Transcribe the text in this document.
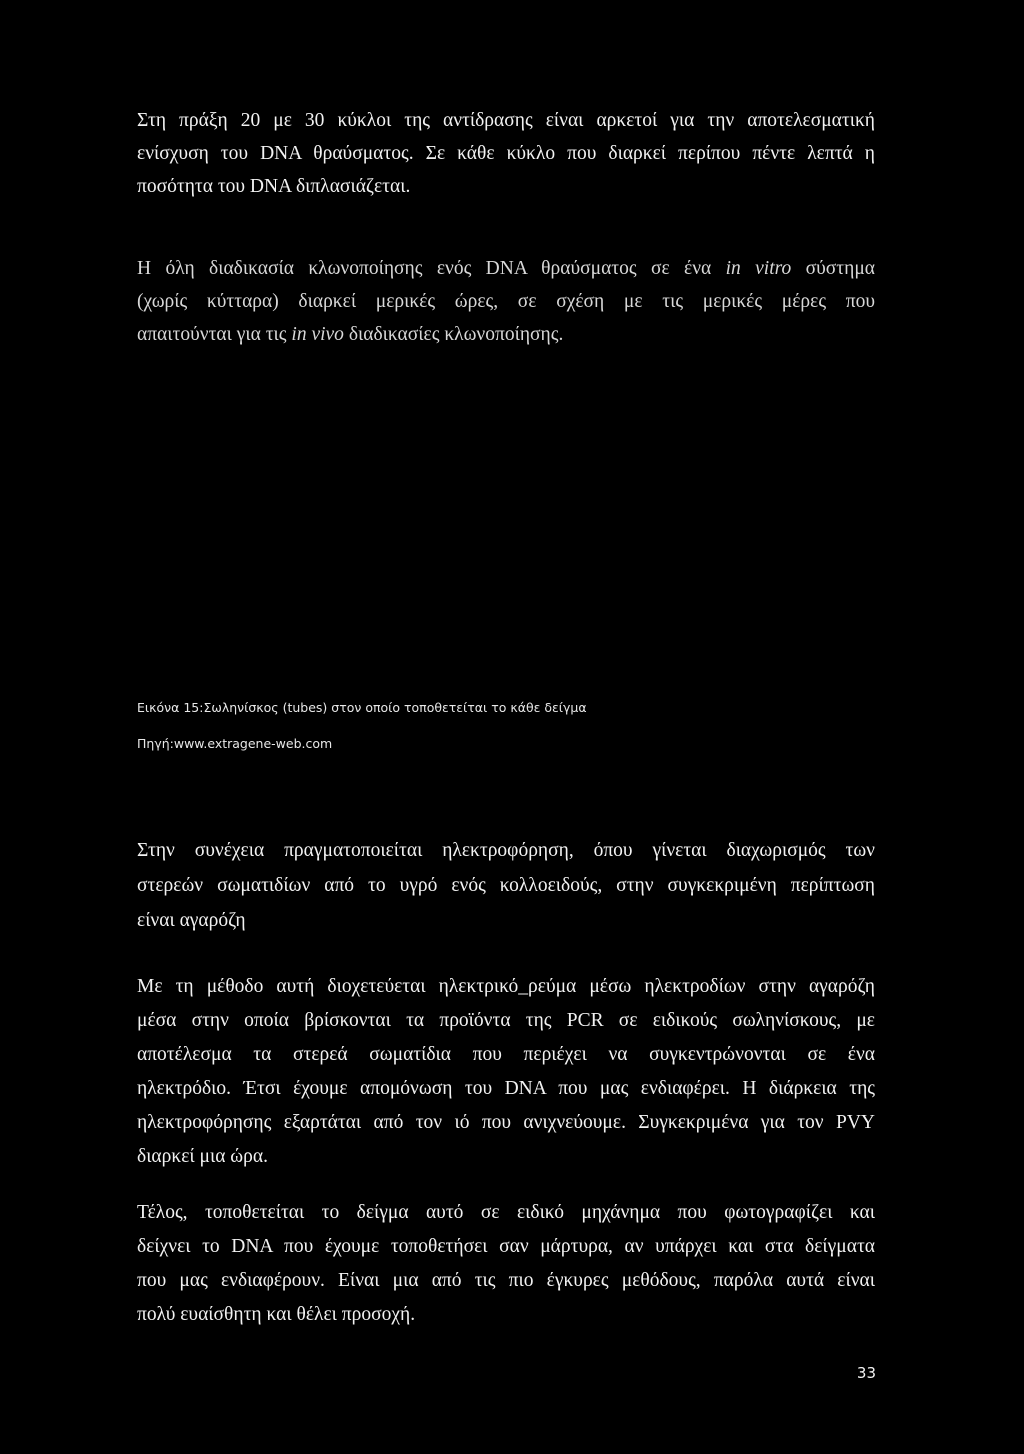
Στη πράξη 20 με 30 κύκλοι της αντίδρασης είναι αρκετοί για την αποτελεσματική
ενίσχυση του DNA θραύσματος. Σε κάθε κύκλο που διαρκεί περίπου πέντε λεπτά η
ποσότητα του DNA διπλασιάζεται.

Η όλη διαδικασία κλωνοποίησης ενός DNA θραύσματος σε ένα in vitro σύστημα
(χωρίς κύτταρα) διαρκεί μερικές ώρες, σε σχέση με τις μερικές μέρες που
απαιτούνται για τις in vivo διαδικασίες κλωνοποίησης.

Εικόνα 15:Σωληνίσκος (tubes) στον οποίο τοποθετείται το κάθε δείγμα

Πηγή:www.extragene-web.com

Στην συνέχεια πραγματοποιείται ηλεκτροφόρηση, όπου γίνεται διαχωρισμός των
στερεών σωματιδίων από το υγρό ενός κολλοειδούς, στην συγκεκριμένη περίπτωση
είναι αγαρόζη

Με τη μέθοδο αυτή διοχετεύεται ηλεκτρικό_ρεύμα μέσω ηλεκτροδίων στην αγαρόζη
μέσα στην οποία βρίσκονται τα προϊόντα της PCR σε ειδικούς σωληνίσκους, με
αποτέλεσμα τα στερεά σωματίδια που περιέχει να συγκεντρώνονται σε ένα
ηλεκτρόδιο. Έτσι έχουμε απομόνωση του DNA που μας ενδιαφέρει. Η διάρκεια της
ηλεκτροφόρησης εξαρτάται από τον ιό που ανιχνεύουμε. Συγκεκριμένα για τον PVY
διαρκεί μια ώρα.

Τέλος, τοποθετείται το δείγμα αυτό σε ειδικό μηχάνημα που φωτογραφίζει και
δείχνει το DNA που έχουμε τοποθετήσει σαν μάρτυρα, αν υπάρχει και στα δείγματα
που μας ενδιαφέρουν. Είναι μια από τις πιο έγκυρες μεθόδους, παρόλα αυτά είναι
πολύ ευαίσθητη και θέλει προσοχή.

33
